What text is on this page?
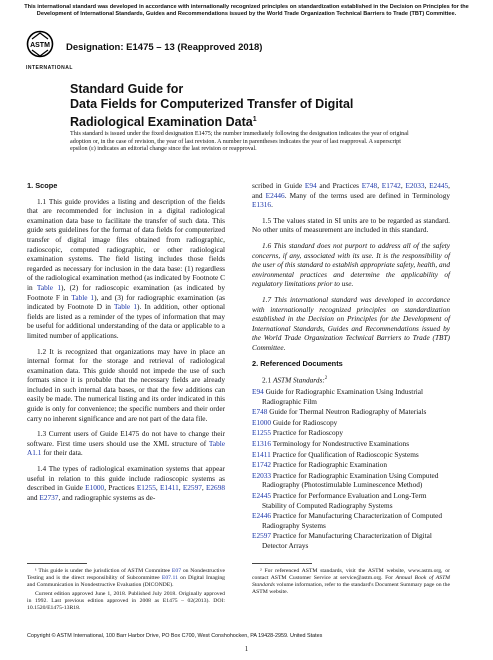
This international standard was developed in accordance with internationally recognized principles on standardization established in the Decision on Principles for the Development of International Standards, Guides and Recommendations issued by the World Trade Organization Technical Barriers to Trade (TBT) Committee.
ASTM
INTERNATIONAL
Designation: E1475 – 13 (Reapproved 2018)
Standard Guide for
Data Fields for Computerized Transfer of Digital
Radiological Examination Data$^1$
This standard is issued under the fixed designation E1475; the number immediately following the designation indicates the year of original adoption or, in the case of revision, the year of last revision. A number in parentheses indicates the year of last reapproval. A superscript epsilon (ε) indicates an editorial change since the last revision or reapproval.
1. Scope

1.1 This guide provides a listing and description of the fields that are recommended for inclusion in a digital radiological examination data base to facilitate the transfer of such data. This guide sets guidelines for the format of data fields for computerized transfer of digital image files obtained from radiographic, radioscopic, computed radiographic, or other radiological examination systems. The field listing includes those fields regarded as necessary for inclusion in the data base: (1) regardless of the radiological examination method (as indicated by Footnote C in Table 1), (2) for radioscopic examination (as indicated by Footnote F in Table 1), and (3) for radiographic examination (as indicated by Footnote D in Table 1). In addition, other optional fields are listed as a reminder of the types of information that may be useful for additional understanding of the data or applicable to a limited number of applications.

1.2 It is recognized that organizations may have in place an internal format for the storage and retrieval of radiological examination data. This guide should not impede the use of such formats since it is probable that the necessary fields are already included in such internal data bases, or that the few additions can easily be made. The numerical listing and its order indicated in this guide is only for convenience; the specific numbers and their order carry no inherent significance and are not part of the data file.

1.3 Current users of Guide E1475 do not have to change their software. First time users should use the XML structure of Table A1.1 for their data.

1.4 The types of radiological examination systems that appear useful in relation to this guide include radioscopic systems as described in Guide E1000, Practices E1255, E1411, E2597, E2698 and E2737, and radiographic systems as de-

scribed in Guide E94 and Practices E748, E1742, E2033, E2445, and E2446. Many of the terms used are defined in Terminology E1316.

1.5 The values stated in SI units are to be regarded as standard. No other units of measurement are included in this standard.

1.6 This standard does not purport to address all of the safety concerns, if any, associated with its use. It is the responsibility of the user of this standard to establish appropriate safety, health, and environmental practices and determine the applicability of regulatory limitations prior to use.

1.7 This international standard was developed in accordance with internationally recognized principles on standardization established in the Decision on Principles for the Development of International Standards, Guides and Recommendations issued by the World Trade Organization Technical Barriers to Trade (TBT) Committee.

2. Referenced Documents
2.1 ASTM Standards:$^2$
E94 Guide for Radiographic Examination Using Industrial Radiographic Film
E748 Guide for Thermal Neutron Radiography of Materials
E1000 Guide for Radioscopy
E1255 Practice for Radioscopy
E1316 Terminology for Nondestructive Examinations
E1411 Practice for Qualification of Radioscopic Systems
E1742 Practice for Radiographic Examination
E2033 Practice for Radiographic Examination Using Computed Radiography (Photostimulable Luminescence Method)
E2445 Practice for Performance Evaluation and Long-Term Stability of Computed Radiography Systems
E2446 Practice for Manufacturing Characterization of Computed Radiography Systems
E2597 Practice for Manufacturing Characterization of Digital Detector Arrays

¹ This guide is under the jurisdiction of ASTM Committee E07 on Nondestructive Testing and is the direct responsibility of Subcommittee E07.11 on Digital Imaging and Communication in Nondestructive Evaluation (DICONDE).

Current edition approved June 1, 2018. Published July 2018. Originally approved in 1992. Last previous edition approved in 2008 as E1475 – 02(2013). DOI: 10.1520/E1475-13R18.

² For referenced ASTM standards, visit the ASTM website, www.astm.org, or contact ASTM Customer Service at service@astm.org. For Annual Book of ASTM Standards volume information, refer to the standard's Document Summary page on the ASTM website.

Copyright © ASTM International, 100 Barr Harbor Drive, PO Box C700, West Conshohocken, PA 19428-2959. United States
1
